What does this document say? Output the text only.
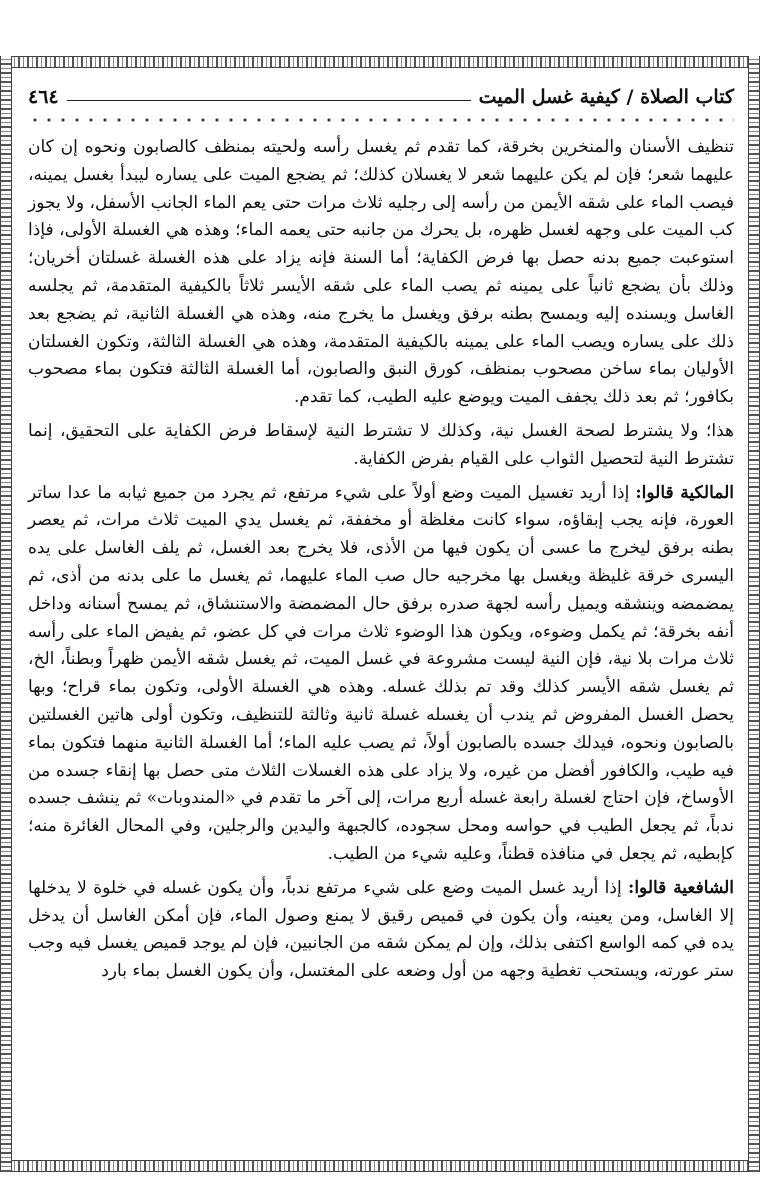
كتاب الصلاة / كيفية غسل الميت
٤٦٤

تنظيف الأسنان والمنخرين بخرقة، كما تقدم ثم يغسل رأسه ولحيته بمنظف كالصابون ونحوه إن كان عليهما شعر؛ فإن لم يكن عليهما شعر لا يغسلان كذلك؛ ثم يضجع الميت على يساره ليبدأ بغسل يمينه، فيصب الماء على شقه الأيمن من رأسه إلى رجليه ثلاث مرات حتى يعم الماء الجانب الأسفل، ولا يجوز كب الميت على وجهه لغسل ظهره، بل يحرك من جانبه حتى يعمه الماء؛ وهذه هي الغسلة الأولى، فإذا استوعبت جميع بدنه حصل بها فرض الكفاية؛ أما السنة فإنه يزاد على هذه الغسلة غسلتان أخريان؛ وذلك بأن يضجع ثانياً على يمينه ثم يصب الماء على شقه الأيسر ثلاثاً بالكيفية المتقدمة، ثم يجلسه الغاسل ويسنده إليه ويمسح بطنه برفق ويغسل ما يخرج منه، وهذه هي الغسلة الثانية، ثم يضجع بعد ذلك على يساره ويصب الماء على يمينه بالكيفية المتقدمة، وهذه هي الغسلة الثالثة، وتكون الغسلتان الأوليان بماء ساخن مصحوب بمنظف، كورق النبق والصابون، أما الغسلة الثالثة فتكون بماء مصحوب بكافور؛ ثم بعد ذلك يجفف الميت ويوضع عليه الطيب، كما تقدم.

هذا؛ ولا يشترط لصحة الغسل نية، وكذلك لا تشترط النية لإسقاط فرض الكفاية على التحقيق، إنما تشترط النية لتحصيل الثواب على القيام بفرض الكفاية.

المالكية قالوا: إذا أريد تغسيل الميت وضع أولاً على شيء مرتفع، ثم يجرد من جميع ثيابه ما عدا ساتر العورة، فإنه يجب إبقاؤه، سواء كانت مغلظة أو مخففة، ثم يغسل يدي الميت ثلاث مرات، ثم يعصر بطنه برفق ليخرج ما عسى أن يكون فيها من الأذى، فلا يخرج بعد الغسل، ثم يلف الغاسل على يده اليسرى خرقة غليظة ويغسل بها مخرجيه حال صب الماء عليهما، ثم يغسل ما على بدنه من أذى، ثم يمضمضه وينشقه ويميل رأسه لجهة صدره برفق حال المضمضة والاستنشاق، ثم يمسح أسنانه وداخل أنفه بخرقة؛ ثم يكمل وضوءه، ويكون هذا الوضوء ثلاث مرات في كل عضو، ثم يفيض الماء على رأسه ثلاث مرات بلا نية، فإن النية ليست مشروعة في غسل الميت، ثم يغسل شقه الأيمن ظهراً وبطناً، الخ، ثم يغسل شقه الأيسر كذلك وقد تم بذلك غسله. وهذه هي الغسلة الأولى، وتكون بماء قراح؛ وبها يحصل الغسل المفروض ثم يندب أن يغسله غسلة ثانية وثالثة للتنظيف، وتكون أولى هاتين الغسلتين بالصابون ونحوه، فيدلك جسده بالصابون أولاً، ثم يصب عليه الماء؛ أما الغسلة الثانية منهما فتكون بماء فيه طيب، والكافور أفضل من غيره، ولا يزاد على هذه الغسلات الثلاث متى حصل بها إنقاء جسده من الأوساخ، فإن احتاج لغسلة رابعة غسله أربع مرات، إلى آخر ما تقدم في «المندوبات» ثم ينشف جسده ندباً، ثم يجعل الطيب في حواسه ومحل سجوده، كالجبهة واليدين والرجلين، وفي المحال الغائرة منه؛ كإبطيه، ثم يجعل في منافذه قطناً، وعليه شيء من الطيب.

الشافعية قالوا: إذا أريد غسل الميت وضع على شيء مرتفع ندباً، وأن يكون غسله في خلوة لا يدخلها إلا الغاسل، ومن يعينه، وأن يكون في قميص رقيق لا يمنع وصول الماء، فإن أمكن الغاسل أن يدخل يده في كمه الواسع اكتفى بذلك، وإن لم يمكن شقه من الجانبين، فإن لم يوجد قميص يغسل فيه وجب ستر عورته، ويستحب تغطية وجهه من أول وضعه على المغتسل، وأن يكون الغسل بماء بارد
